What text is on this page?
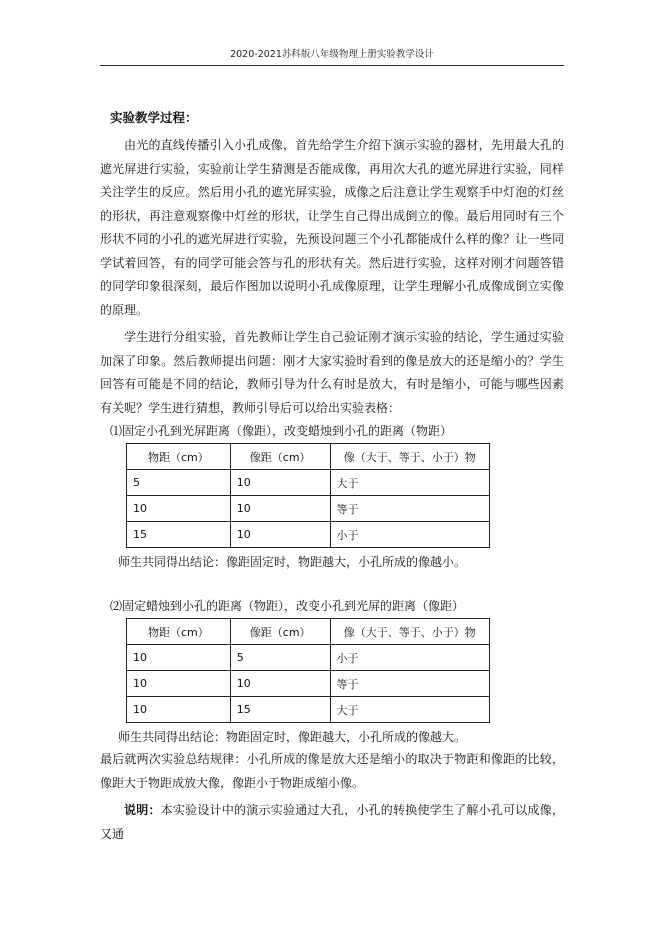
2020-2021苏科版八年级物理上册实验教学设计
实验教学过程：

由光的直线传播引入小孔成像，首先给学生介绍下演示实验的器材，先用最大孔的遮光屏进行实验，实验前让学生猜测是否能成像，再用次大孔的遮光屏进行实验，同样关注学生的反应。然后用小孔的遮光屏实验，成像之后注意让学生观察手中灯泡的灯丝的形状，再注意观察像中灯丝的形状，让学生自己得出成倒立的像。最后用同时有三个形状不同的小孔的遮光屏进行实验，先预设问题三个小孔都能成什么样的像？让一些同学试着回答，有的同学可能会答与孔的形状有关。然后进行实验，这样对刚才问题答错的同学印象很深刻，最后作图加以说明小孔成像原理，让学生理解小孔成像成倒立实像的原理。

学生进行分组实验，首先教师让学生自己验证刚才演示实验的结论，学生通过实验加深了印象。然后教师提出问题：刚才大家实验时看到的像是放大的还是缩小的？学生回答有可能是不同的结论，教师引导为什么有时是放大，有时是缩小，可能与哪些因素有关呢？学生进行猜想，教师引导后可以给出实验表格：

⑴固定小孔到光屏距离（像距），改变蜡烛到小孔的距离（物距）
物距（cm）	像距（cm）	像（大于、等于、小于）物
5	10	大于
10	10	等于
15	10	小于
师生共同得出结论：像距固定时，物距越大，小孔所成的像越小。
⑵固定蜡烛到小孔的距离（物距），改变小孔到光屏的距离（像距）
物距（cm）	像距（cm）	像（大于、等于、小于）物
10	5	小于
10	10	等于
10	15	大于
师生共同得出结论：物距固定时，像距越大，小孔所成的像越大。

最后就两次实验总结规律：小孔所成的像是放大还是缩小的取决于物距和像距的比较，像距大于物距成放大像，像距小于物距成缩小像。

说明：本实验设计中的演示实验通过大孔，小孔的转换使学生了解小孔可以成像，又通
